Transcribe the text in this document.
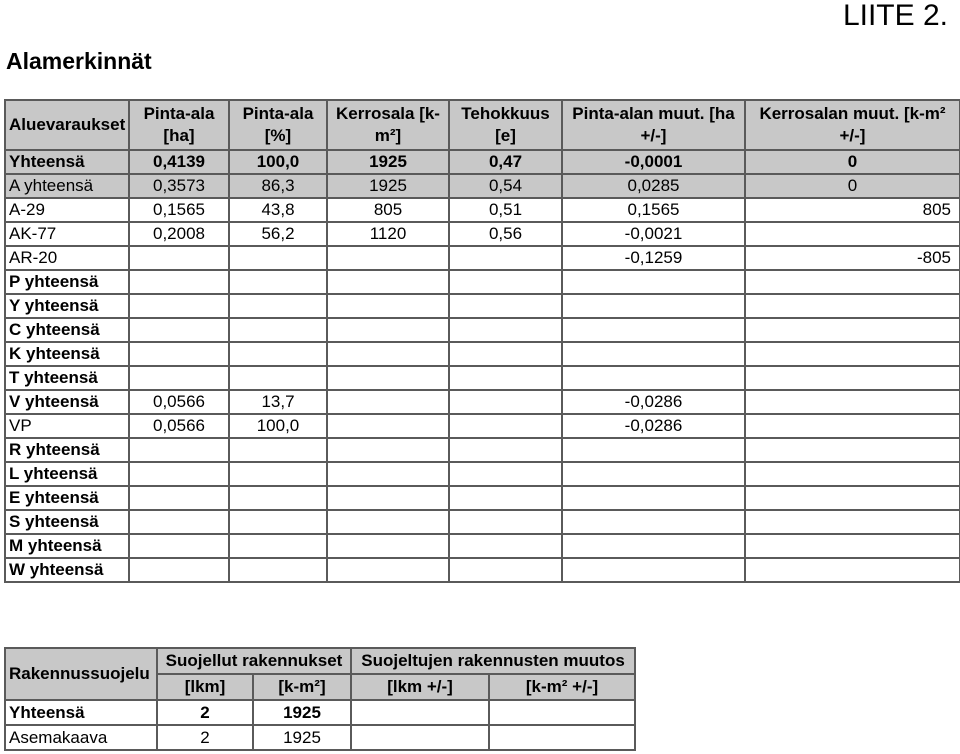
LIITE 2.
Alamerkinnät
Aluevaraukset	Pinta-ala [ha]	Pinta-ala [%]	Kerrosala [k-m²]	Tehokkuus [e]	Pinta-alan muut. [ha +/-]	Kerrosalan muut. [k-m² +/-]
Yhteensä	0,4139	100,0	1925	0,47	-0,0001	0
A yhteensä	0,3573	86,3	1925	0,54	0,0285	0
A-29	0,1565	43,8	805	0,51	0,1565	805
AK-77	0,2008	56,2	1120	0,56	-0,0021	
AR-20					-0,1259	-805
P yhteensä						
Y yhteensä						
C yhteensä						
K yhteensä						
T yhteensä						
V yhteensä	0,0566	13,7			-0,0286	
VP	0,0566	100,0			-0,0286	
R yhteensä						
L yhteensä						
E yhteensä						
S yhteensä						
M yhteensä						
W yhteensä						
Rakennussuojelu	Suojellut rakennukset		Suojeltujen rakennusten muutos	
	[lkm]	[k-m²]	[lkm +/-]	[k-m² +/-]
Yhteensä	2	1925		
Asemakaava	2	1925		
